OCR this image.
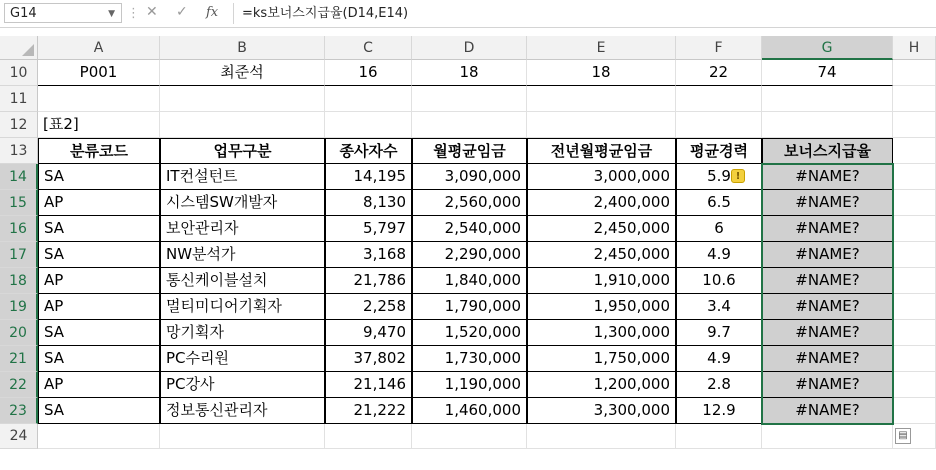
G14	▼ ⋮ ✕ ✓ fx	=ks보너스지급율(D14,E14)
A	B	C	D	E	F	G	H
10	P001	최준석	16	18	18	22	74
11
12	[표2]
13	분류코드	업무구분	종사자수	월평균임금	전년월평균임금	평균경력	보너스지급율
14	SA	IT컨설턴트	14,195	3,090,000	3,000,000	5.9	#NAME?
15	AP	시스템SW개발자	8,130	2,560,000	2,400,000	6.5	#NAME?
16	SA	보안관리자	5,797	2,540,000	2,450,000	6	#NAME?
17	SA	NW분석가	3,168	2,290,000	2,450,000	4.9	#NAME?
18	AP	통신케이블설치	21,786	1,840,000	1,910,000	10.6	#NAME?
19	AP	멀티미디어기획자	2,258	1,790,000	1,950,000	3.4	#NAME?
20	SA	망기획자	9,470	1,520,000	1,300,000	9.7	#NAME?
21	SA	PC수리원	37,802	1,730,000	1,750,000	4.9	#NAME?
22	AP	PC강사	21,146	1,190,000	1,200,000	2.8	#NAME?
23	SA	정보통신관리자	21,222	1,460,000	3,300,000	12.9	#NAME?
24
!
▤
